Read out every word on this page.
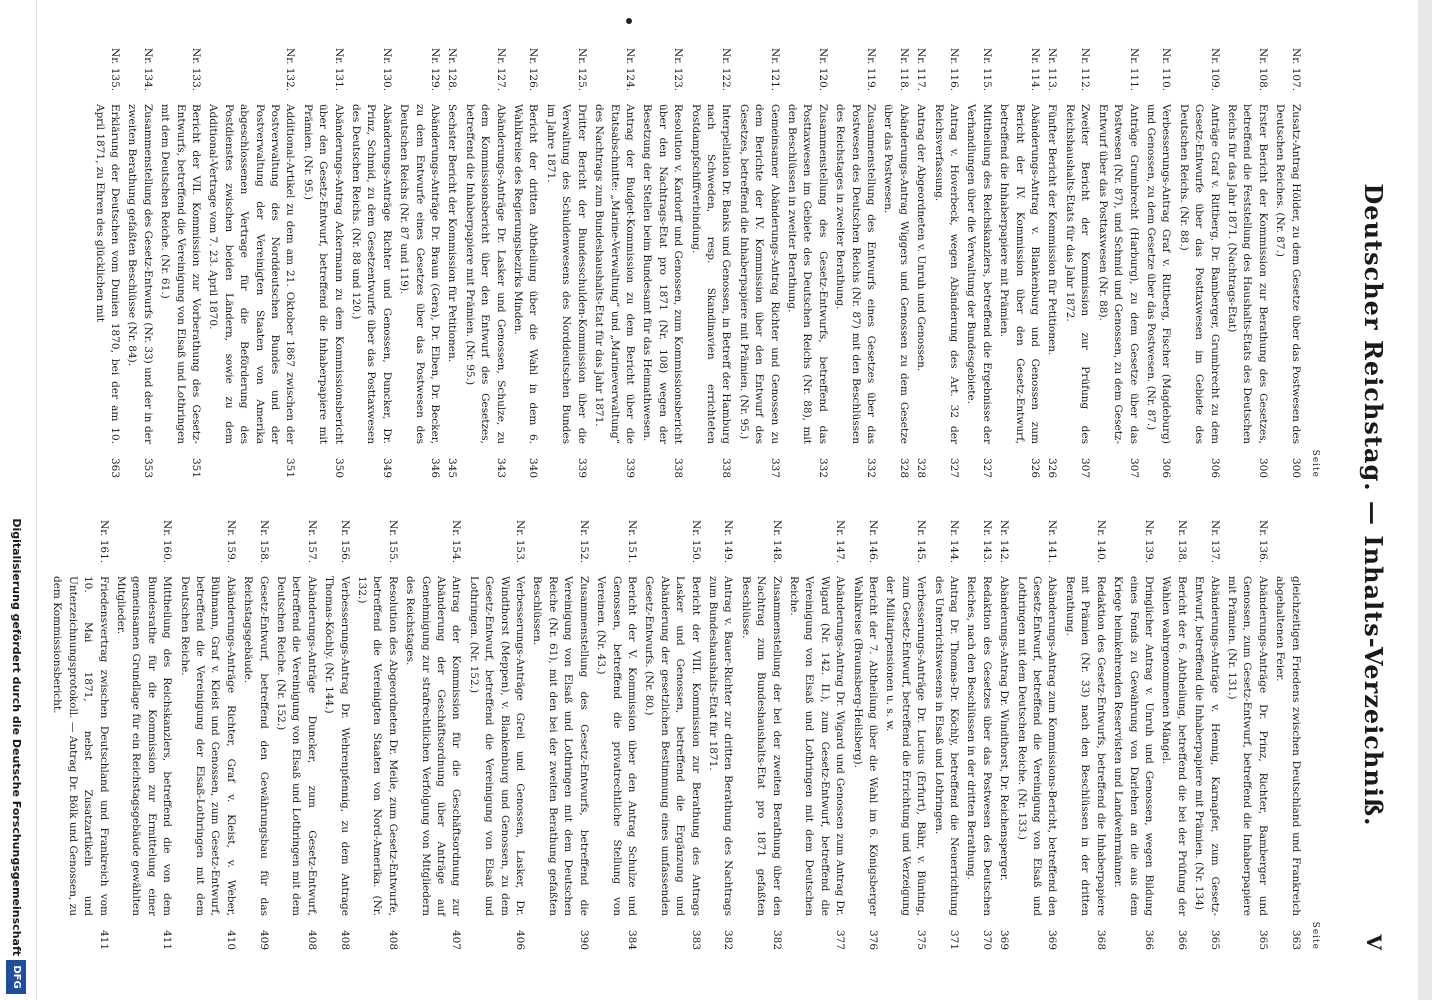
Deutscher Reichstag. — Inhalts-Verzeichniß.
V
Seite
Nr. 107.
Zusatz-Antrag Hölder, zu dem Gesetze über das Postwesen des Deutschen Reiches. (Nr. 87.)
300
Nr. 108.
Erster Bericht der Kommission zur Berathung des Gesetzes, betreffend die Feststellung des Haushalts-Etats des Deutschen Reichs für das Jahr 1871. (Nachtrags-Etat)
300
Nr. 109.
Anträge Graf v. Rittberg, Dr. Bamberger, Grumbrecht zu dem Gesetz-Entwurfe über das Posttaxwesen im Gebiete des Deutschen Reichs. (Nr. 88.)
306
Nr. 110.
Verbesserungs-Antrag Graf v. Rittberg, Fischer (Magdeburg) und Genossen, zu dem Gesetze über das Postwesen. (Nr. 87.)
306
Nr. 111.
Anträge Grumbrecht (Harburg), zu dem Gesetze über das Postwesen (Nr. 87), und Schmid und Genossen, zu dem Gesetz-Entwurf über das Posttaxwesen (Nr. 88).
307
Nr. 112.
Zweiter Bericht der Kommission zur Prüfung des Reichshaushalts-Etats für das Jahr 1872.
307
Nr. 113.
Fünfter Bericht der Kommission für Petitionen.
326
Nr. 114.
Abänderungs-Antrag v. Blankenburg und Genossen zum Bericht der IV. Kommission über den Gesetz-Entwurf, betreffend die Inhaberpapiere mit Prämien.
326
Nr. 115.
Mittheilung des Reichskanzlers, betreffend die Ergebnisse der Verhandlungen über die Verwaltung der Bundesgebiete.
327
Nr. 116.
Antrag v. Hoverbeck, wegen Abänderung des Art. 32 der Reichsverfassung.
327
Nr. 117.
Antrag der Abgeordneten v. Unruh und Genossen.
328
Nr. 118.
Abänderungs-Antrag Wiggers und Genossen zu dem Gesetze über das Postwesen.
328
Nr. 119.
Zusammenstellung des Entwurfs eines Gesetzes über das Postwesen des Deutschen Reichs (Nr. 87) mit den Beschlüssen des Reichstages in zweiter Berathung.
332
Nr. 120.
Zusammenstellung des Gesetz-Entwurfs, betreffend das Posttaxwesen im Gebiete des Deutschen Reichs (Nr. 88), mit den Beschlüssen in zweiter Berathung.
332
Nr. 121.
Gemeinsamer Abänderungs-Antrag Richter und Genossen zu dem Berichte der IV. Kommission über den Entwurf des Gesetzes, betreffend die Inhaberpapiere mit Prämien. (Nr. 95.)
337
Nr. 122.
Interpellation Dr. Banks und Genossen, in Betreff der Hamburg nach Schweden, resp. Skandinavien errichteten Postdampfschiffverbindung.
338
Nr. 123.
Resolution v. Kardorff und Genossen, zum Kommissionsbericht über den Nachtrags-Etat pro 1871 (Nr. 108) wegen der Besetzung der Stellen beim Bundesamt für das Heimathwesen.
338
Nr. 124.
Antrag der Budget-Kommission zu dem Bericht über die Etatsabschnitte: „Marine-Verwaltung“ und „Marineverwaltung“ des Nachtrags zum Bundeshaushalts-Etat für das Jahr 1871.
339
Nr. 125.
Dritter Bericht der Bundesschulden-Kommission über die Verwaltung des Schuldenwesens des Norddeutschen Bundes im Jahre 1871.
339
Nr. 126.
Bericht der dritten Abtheilung über die Wahl in dem 6. Wahlkreise des Regierungsbezirks Minden.
340
Nr. 127.
Abänderungs-Anträge Dr. Lasker und Genossen, Schulze, zu dem Kommissionsbericht über den Entwurf des Gesetzes, betreffend die Inhaberpapiere mit Prämien. (Nr. 95.)
343
Nr. 128.
Sechster Bericht der Kommission für Petitionen.
345
Nr. 129.
Abänderungs-Anträge Dr. Braun (Gera), Dr. Elben, Dr. Becker, zu dem Entwurfe eines Gesetzes über das Postwesen des Deutschen Reichs (Nr. 87 und 119).
346
Nr. 130.
Abänderungs-Anträge Richter und Genossen, Duncker, Dr. Prinz, Schmid, zu dem Gesetzentwurfe über das Posttaxwesen des Deutschen Reichs. (Nr. 88 und 120.)
349
Nr. 131.
Abänderungs-Antrag Ackermann zu dem Kommissionsbericht über den Gesetz-Entwurf, betreffend die Inhaberpapiere mit Prämien. (Nr. 95.)
350
Nr. 132.
Additional-Artikel zu dem am 21. Oktober 1867 zwischen der Postverwaltung des Norddeutschen Bundes und der Postverwaltung der Vereinigten Staaten von Amerika abgeschlossenen Vertrage für die Beförderung des Postdienstes zwischen beiden Ländern, sowie zu dem Additional-Vertrage vom 7. 23. April 1870.
351
Nr. 133.
Bericht der VII. Kommission zur Vorberathung des Gesetz-Entwurfs, betreffend die Vereinigung von Elsaß und Lothringen mit dem Deutschen Reiche. (Nr. 61.)
351
Nr. 134.
Zusammenstellung des Gesetz-Entwurfs (Nr. 33) und der in der zweiten Berathung gefaßten Beschlüsse (Nr. 84).
353
Nr. 135.
Erklärung der Deutschen vom Dunien 1870, bei der am 10. April 1871, zu Ehren des glücklichen mit
363
Seite
gleichzeitigen Friedens zwischen Deutschland und Frankreich abgehaltenen Feier.
363
Nr. 136.
Abänderungs-Anträge Dr. Prinz, Richter, Bamberger und Genossen, zum Gesetz-Entwurf, betreffend die Inhaberpapiere mit Prämien. (Nr. 131.)
365
Nr. 137.
Abänderungs-Anträge v. Hennig, Karnapfer, zum Gesetz-Entwurf, betreffend die Inhaberpapiere mit Prämien. (Nr. 134)
365
Nr. 138.
Bericht der 6. Abtheilung, betreffend die bei der Prüfung der Wahlen wahrgenommenen Mängel.
366
Nr. 139.
Dringlicher Antrag v. Unruh und Genossen, wegen Bildung eines Fonds zu Gewährung von Darlehen an die aus dem Kriege heimkehrenden Reservisten und Landwehrmänner.
366
Nr. 140.
Redaktion des Gesetz-Entwurfs, betreffend die Inhaberpapiere mit Prämien (Nr. 33) nach den Beschlüssen in der dritten Berathung.
368
Nr. 141.
Abänderungs-Antrag zum Kommissions-Bericht, betreffend den Gesetz-Entwurf, betreffend die Vereinigung von Elsaß und Lothringen mit dem Deutschen Reiche. (Nr. 133.)
369
Nr. 142.
Abänderungs-Antrag Dr. Windthorst, Dr. Reichensperger.
369
Nr. 143.
Redaktion des Gesetzes über das Postwesen des Deutschen Reiches, nach den Beschlüssen in der dritten Berathung.
370
Nr. 144.
Antrag Dr. Thomas-Dr. Köchly, betreffend die Neuerrichtung des Unterrichtswesens in Elsaß und Lothringen.
371
Nr. 145.
Verbesserungs-Anträge Dr. Lucius (Erfurt), Bähr, v. Bünting, zum Gesetz-Entwurf, betreffend die Errichtung und Verzeigung der Militairpensionen u. s. w.
375
Nr. 146.
Bericht der 7. Abtheilung über die Wahl im 6. Königsberger Wahlkreise (Braunsberg-Heilsberg).
376
Nr. 147.
Abänderungs-Antrag Dr. Wigard und Genossen zum Antrag Dr. Wigard (Nr. 142. II.), zum Gesetz-Entwurf, betreffend die Vereinigung von Elsaß und Lothringen mit dem Deutschen Reiche.
377
Nr. 148.
Zusammenstellung der bei der zweiten Berathung über den Nachtrag zum Bundeshaushalts-Etat pro 1871 gefaßten Beschlüsse.
382
Nr. 149.
Antrag v. Bauer-Richter zur dritten Berathung des Nachtrags zum Bundeshaushalts-Etat für 1871.
382
Nr. 150.
Bericht der VIII. Kommission zur Berathung des Antrags Lasker und Genossen, betreffend die Ergänzung und Abänderung der gesetzlichen Bestimmung eines umfassenden Gesetz-Entwurfs. (Nr. 80.)
383
Nr. 151.
Bericht der V. Kommission über den Antrag Schulze und Genossen, betreffend die privatrechtliche Stellung von Vereinen. (Nr. 43.)
384
Nr. 152.
Zusammenstellung des Gesetz-Entwurfs, betreffend die Vereinigung von Elsaß und Lothringen mit dem Deutschen Reiche (Nr. 61), mit den bei der zweiten Berathung gefaßten Beschlüssen.
390
Nr. 153.
Verbesserungs-Anträge Greil und Genossen, Lasker, Dr. Windthorst (Meppen), v. Blankenburg und Genossen, zu dem Gesetz-Entwurf, betreffend die Vereinigung von Elsaß und Lothringen. (Nr. 152.)
406
Nr. 154.
Antrag der Kommission für die Geschäftsordnung zur Abänderung der Geschäftsordnung über Anträge auf Genehmigung zur strafrechtlichen Verfolgung von Mitgliedern des Reichstages.
407
Nr. 155.
Resolution des Abgeordneten Dr. Meile, zum Gesetz-Entwurfe, betreffend die Vereinigten Staaten von Nord-Amerika. (Nr. 132.)
408
Nr. 156.
Verbesserungs-Antrag Dr. Wehrenpfennig, zu dem Antrage Thomas-Köchly. (Nr. 144.)
408
Nr. 157.
Abänderungs-Anträge Duncker, zum Gesetz-Entwurf, betreffend die Vereinigung von Elsaß und Lothringen mit dem Deutschen Reiche. (Nr. 152.)
408
Nr. 158.
Gesetz-Entwurf, betreffend den Gewährungsbau für das Reichstagsgebäude.
409
Nr. 159.
Abänderungs-Anträge Richter, Graf v. Kleist, v. Weber, Bühmann, Graf v. Kleist und Genossen, zum Gesetz-Entwurf, betreffend die Vereinigung der Elsaß-Lothringen mit dem Deutschen Reiche.
410
Nr. 160.
Mittheilung des Reichskanzlers, betreffend die von dem Bundesrathe für die Kommission zur Ermittelung einer gemeinsamen Grundlage für ein Reichstagsgebäude gewählten Mitglieder.
411
Nr. 161.
Friedensvertrag zwischen Deutschland und Frankreich vom 10. Mai 1871, nebst Zusatzartikeln und Unterzeichnungsprotokoll. — Antrag Dr. Bölk und Genossen, zu dem Kommissionsbericht.
411
Digitalisierung gefördert durch die Deutsche Forschungsgemeinschaft
DFG
